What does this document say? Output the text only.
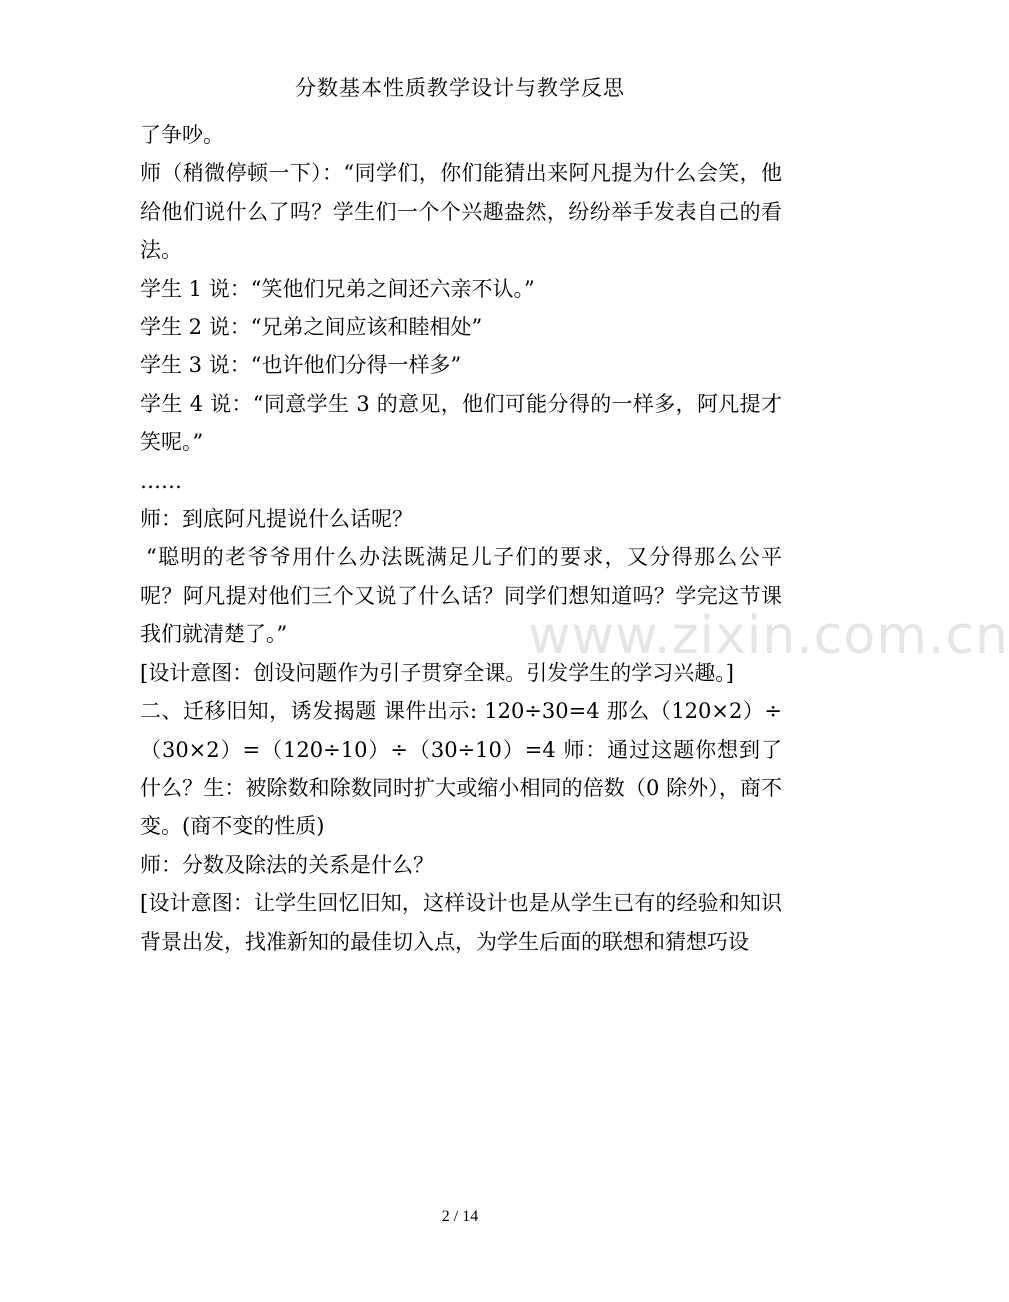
分数基本性质教学设计与教学反思

了争吵。

师（稍微停顿一下）：“同学们，你们能猜出来阿凡提为什么会笑，他给他们说什么了吗？学生们一个个兴趣盎然，纷纷举手发表自己的看法。

学生 1 说：“笑他们兄弟之间还六亲不认。”

学生 2 说：“兄弟之间应该和睦相处”

学生 3 说：“也许他们分得一样多”

学生 4 说：“同意学生 3 的意见，他们可能分得的一样多，阿凡提才笑呢。”

……

师：到底阿凡提说什么话呢？

“聪明的老爷爷用什么办法既满足儿子们的要求，又分得那么公平呢？阿凡提对他们三个又说了什么话？同学们想知道吗？学完这节课我们就清楚了。”

[设计意图：创设问题作为引子贯穿全课。引发学生的学习兴趣。]

二、迁移旧知，诱发揭题 课件出示: 120÷30=4 那么（120×2）÷（30×2）=（120÷10）÷（30÷10）=4 师：通过这题你想到了什么？生：被除数和除数同时扩大或缩小相同的倍数（0 除外），商不变。(商不变的性质)

师：分数及除法的关系是什么？

[设计意图：让学生回忆旧知，这样设计也是从学生已有的经验和知识背景出发，找准新知的最佳切入点，为学生后面的联想和猜想巧设

www.zixin.com.cn
2 / 14
